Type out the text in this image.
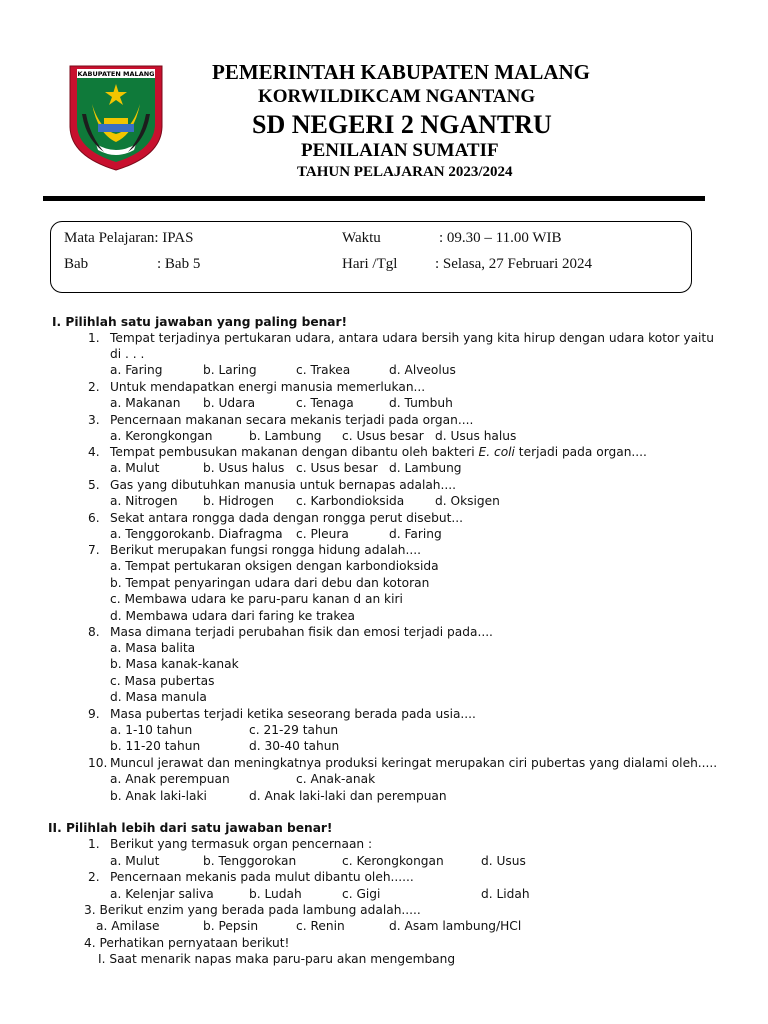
KABUPATEN MALANG	PEMERINTAH KABUPATEN MALANG
KORWILDIKCAM NGANTANG
SD NEGERI 2 NGANTRU
PENILAIAN SUMATIF
TAHUN PELAJARAN 2023/2024
Mata Pelajaran: IPAS	Waktu	: 09.30 – 11.00 WIB
Bab	: Bab 5	Hari /Tgl	: Selasa, 27 Februari 2024
I. Pilihlah satu jawaban yang paling benar!
1. Tempat terjadinya pertukaran udara, antara udara bersih yang kita hirup dengan udara kotor yaitu
di . . .
a. Faring	b. Laring	c. Trakea	d. Alveolus
2. Untuk mendapatkan energi manusia memerlukan...
a. Makanan b. Udara	c. Tenaga	d. Tumbuh
3. Pencernaan makanan secara mekanis terjadi pada organ....
a. Kerongkongan	b. Lambung c. Usus besar d. Usus halus
4. Tempat pembusukan makanan dengan dibantu oleh bakteri E. coli terjadi pada organ....
a. Mulut	b. Usus halus c. Usus besar d. Lambung
5. Gas yang dibutuhkan manusia untuk bernapas adalah....
a. Nitrogen b. Hidrogen c. Karbondioksida	d. Oksigen
6. Sekat antara rongga dada dengan rongga perut disebut...
a. Tenggorokan b. Diafragma c. Pleura	d. Faring
7. Berikut merupakan fungsi rongga hidung adalah....
a. Tempat pertukaran oksigen dengan karbondioksida
b. Tempat penyaringan udara dari debu dan kotoran
c. Membawa udara ke paru-paru kanan d an kiri
d. Membawa udara dari faring ke trakea
8. Masa dimana terjadi perubahan fisik dan emosi terjadi pada....
a. Masa balita
b. Masa kanak-kanak
c. Masa pubertas
d. Masa manula
9. Masa pubertas terjadi ketika seseorang berada pada usia....
a. 1-10 tahun	c. 21-29 tahun
b. 11-20 tahun	d. 30-40 tahun
10. Muncul jerawat dan meningkatnya produksi keringat merupakan ciri pubertas yang dialami oleh.....
a. Anak perempuan	c. Anak-anak
b. Anak laki-laki	d. Anak laki-laki dan perempuan
II. Pilihlah lebih dari satu jawaban benar!
1. Berikut yang termasuk organ pencernaan :
a. Mulut	b. Tenggorokan	c. Kerongkongan	d. Usus
2. Pencernaan mekanis pada mulut dibantu oleh......
a. Kelenjar saliva	b. Ludah	c. Gigi	d. Lidah
3. Berikut enzim yang berada pada lambung adalah.....
a. Amilase	b. Pepsin	c. Renin	d. Asam lambung/HCl
4. Perhatikan pernyataan berikut!
I. Saat menarik napas maka paru-paru akan mengembang
